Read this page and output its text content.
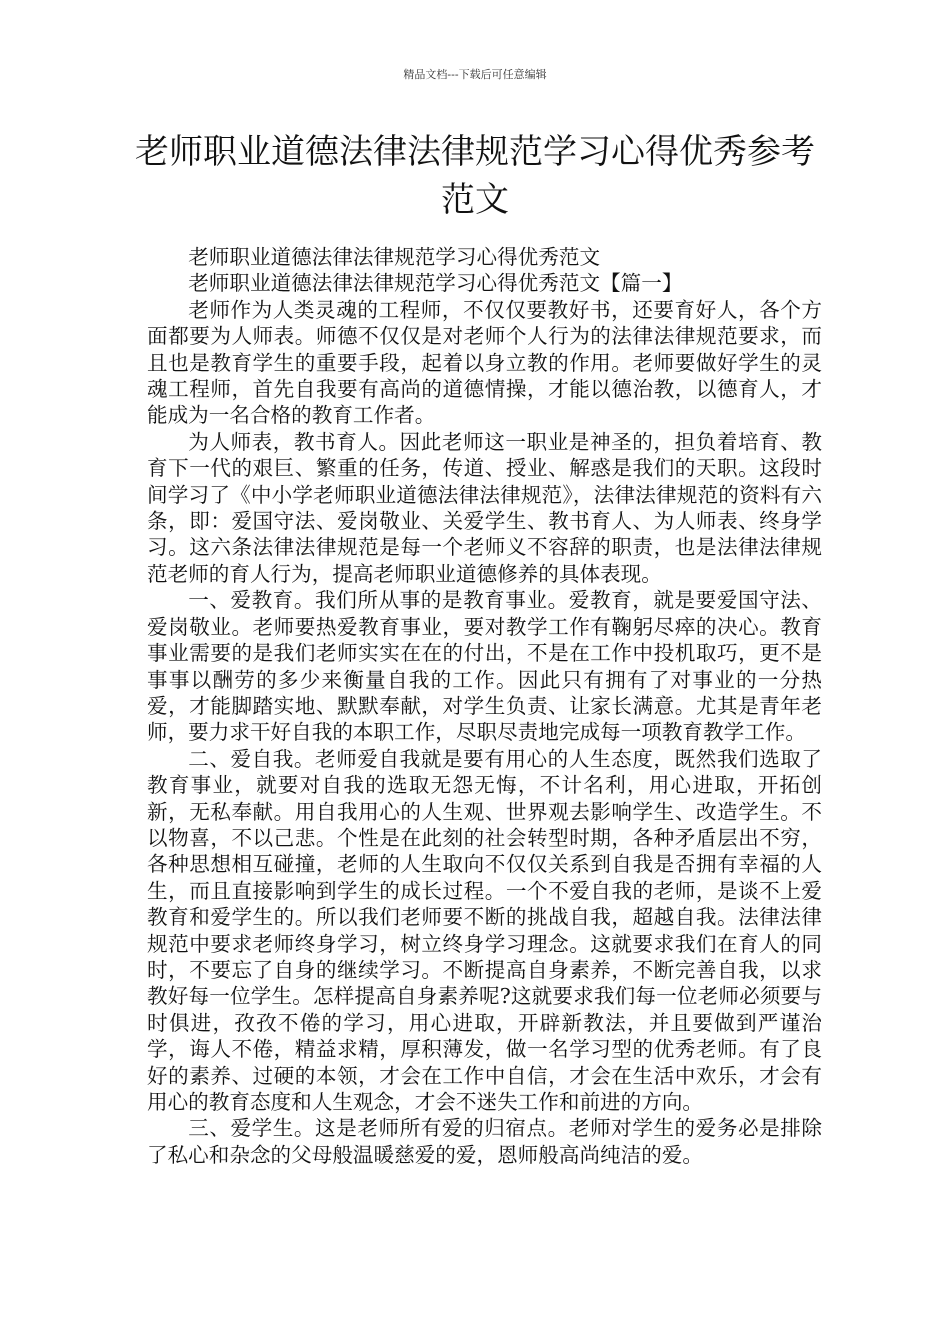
精品文档---下载后可任意编辑
老师职业道德法律法律规范学习心得优秀参考范文

老师职业道德法律法律规范学习心得优秀范文

老师职业道德法律法律规范学习心得优秀范文【篇一】

老师作为人类灵魂的工程师，不仅仅要教好书，还要育好人，各个方面都要为人师表。师德不仅仅是对老师个人行为的法律法律规范要求，而且也是教育学生的重要手段，起着以身立教的作用。老师要做好学生的灵魂工程师，首先自我要有高尚的道德情操，才能以德治教，以德育人，才能成为一名合格的教育工作者。

为人师表，教书育人。因此老师这一职业是神圣的，担负着培育、教育下一代的艰巨、繁重的任务，传道、授业、解惑是我们的天职。这段时间学习了《中小学老师职业道德法律法律规范》，法律法律规范的资料有六条，即：爱国守法、爱岗敬业、关爱学生、教书育人、为人师表、终身学习。这六条法律法律规范是每一个老师义不容辞的职责，也是法律法律规范老师的育人行为，提高老师职业道德修养的具体表现。

一、爱教育。我们所从事的是教育事业。爱教育，就是要爱国守法、爱岗敬业。老师要热爱教育事业，要对教学工作有鞠躬尽瘁的决心。教育事业需要的是我们老师实实在在的付出，不是在工作中投机取巧，更不是事事以酬劳的多少来衡量自我的工作。因此只有拥有了对事业的一分热爱，才能脚踏实地、默默奉献，对学生负责、让家长满意。尤其是青年老师，要力求干好自我的本职工作，尽职尽责地完成每一项教育教学工作。

二、爱自我。老师爱自我就是要有用心的人生态度，既然我们选取了教育事业，就要对自我的选取无怨无悔，不计名利，用心进取，开拓创新，无私奉献。用自我用心的人生观、世界观去影响学生、改造学生。不以物喜，不以己悲。个性是在此刻的社会转型时期，各种矛盾层出不穷，各种思想相互碰撞，老师的人生取向不仅仅关系到自我是否拥有幸福的人生，而且直接影响到学生的成长过程。一个不爱自我的老师，是谈不上爱教育和爱学生的。所以我们老师要不断的挑战自我，超越自我。法律法律规范中要求老师终身学习，树立终身学习理念。这就要求我们在育人的同时，不要忘了自身的继续学习。不断提高自身素养，不断完善自我，以求教好每一位学生。怎样提高自身素养呢?这就要求我们每一位老师必须要与时俱进，孜孜不倦的学习，用心进取，开辟新教法，并且要做到严谨治学，诲人不倦，精益求精，厚积薄发，做一名学习型的优秀老师。有了良好的素养、过硬的本领，才会在工作中自信，才会在生活中欢乐，才会有用心的教育态度和人生观念，才会不迷失工作和前进的方向。

三、爱学生。这是老师所有爱的归宿点。老师对学生的爱务必是排除了私心和杂念的父母般温暖慈爱的爱，恩师般高尚纯洁的爱。
